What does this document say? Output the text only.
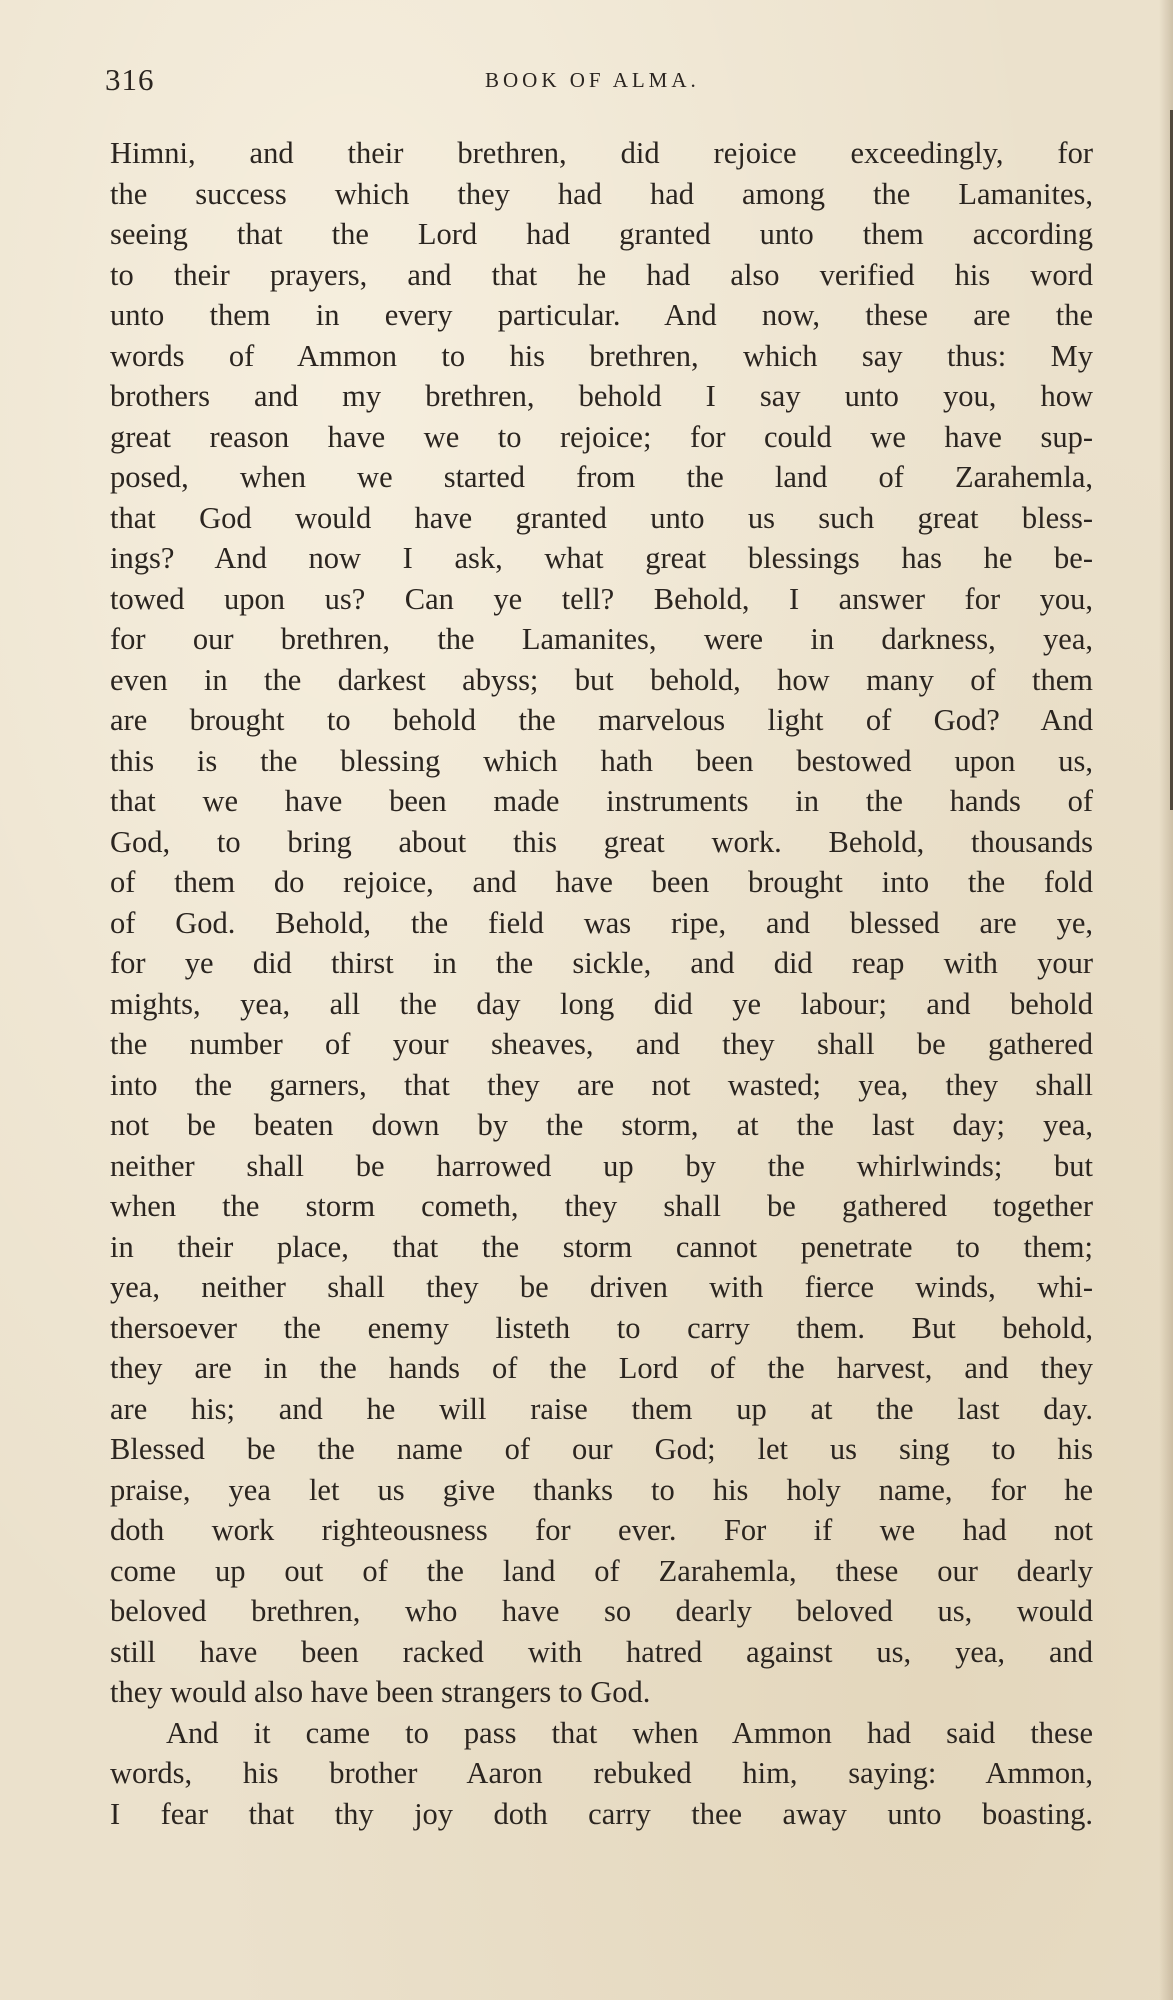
316	BOOK OF ALMA.
Himni, and their brethren, did rejoice exceedingly, for
the success which they had had among the Lamanites,
seeing that the Lord had granted unto them according
to their prayers, and that he had also verified his word
unto them in every particular. And now, these are the
words of Ammon to his brethren, which say thus: My
brothers and my brethren, behold I say unto you, how
great reason have we to rejoice; for could we have sup-
posed, when we started from the land of Zarahemla,
that God would have granted unto us such great bless-
ings? And now I ask, what great blessings has he be-
towed upon us? Can ye tell? Behold, I answer for you,
for our brethren, the Lamanites, were in darkness, yea,
even in the darkest abyss; but behold, how many of them
are brought to behold the marvelous light of God? And
this is the blessing which hath been bestowed upon us,
that we have been made instruments in the hands of
God, to bring about this great work. Behold, thousands
of them do rejoice, and have been brought into the fold
of God. Behold, the field was ripe, and blessed are ye,
for ye did thirst in the sickle, and did reap with your
mights, yea, all the day long did ye labour; and behold
the number of your sheaves, and they shall be gathered
into the garners, that they are not wasted; yea, they shall
not be beaten down by the storm, at the last day; yea,
neither shall be harrowed up by the whirlwinds; but
when the storm cometh, they shall be gathered together
in their place, that the storm cannot penetrate to them;
yea, neither shall they be driven with fierce winds, whi-
thersoever the enemy listeth to carry them. But behold,
they are in the hands of the Lord of the harvest, and they
are his; and he will raise them up at the last day.
Blessed be the name of our God; let us sing to his
praise, yea let us give thanks to his holy name, for he
doth work righteousness for ever. For if we had not
come up out of the land of Zarahemla, these our dearly
beloved brethren, who have so dearly beloved us, would
still have been racked with hatred against us, yea, and
they would also have been strangers to God.
And it came to pass that when Ammon had said these
words, his brother Aaron rebuked him, saying: Ammon,
I fear that thy joy doth carry thee away unto boasting.
